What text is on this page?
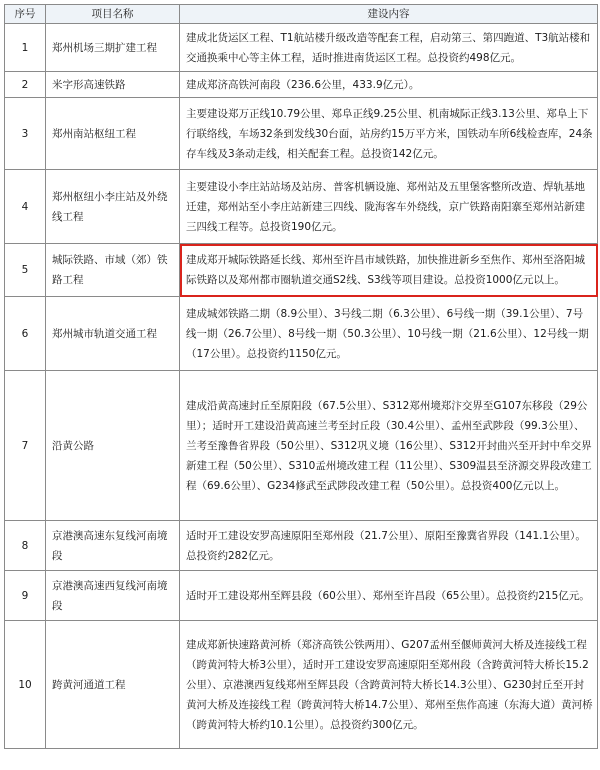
序号	项目名称	建设内容
1	郑州机场三期扩建工程	建成北货运区工程、T1航站楼升级改造等配套工程，启动第三、第四跑道、T3航站楼和交通换乘中心等主体工程，适时推进南货运区工程。总投资约498亿元。
2	米字形高速铁路	建成郑济高铁河南段（236.6公里，433.9亿元）。
3	郑州南站枢纽工程	主要建设郑万正线10.79公里、郑阜正线9.25公里、机南城际正线3.13公里、郑阜上下行联络线，车场32条到发线30台面，站房约15万平方米，国铁动车所6线检查库，24条存车线及3条动走线，相关配套工程。总投资142亿元。
4	郑州枢纽小李庄站及外绕线工程	主要建设小李庄站站场及站房、普客机辆设施、郑州站及五里堡客整所改造、焊轨基地迁建，郑州站至小李庄站新建三四线、陇海客车外绕线，京广铁路南阳寨至郑州站新建三四线工程等。总投资190亿元。
5	城际铁路、市域（郊）铁路工程	建成郑开城际铁路延长线、郑州至许昌市域铁路，加快推进新乡至焦作、郑州至洛阳城际铁路以及郑州都市圈轨道交通S2线、S3线等项目建设。总投资1000亿元以上。
6	郑州城市轨道交通工程	建成城郊铁路二期（8.9公里）、3号线二期（6.3公里）、6号线一期（39.1公里）、7号线一期（26.7公里）、8号线一期（50.3公里）、10号线一期（21.6公里）、12号线一期（17公里）。总投资约1150亿元。
7	沿黄公路	建成沿黄高速封丘至原阳段（67.5公里）、S312郑州境郑汴交界至G107东移段（29公里）；适时开工建设沿黄高速兰考至封丘段（30.4公里）、孟州至武陟段（99.3公里）、兰考至豫鲁省界段（50公里）、S312巩义境（16公里）、S312开封曲兴至开封中牟交界新建工程（50公里）、S310孟州境改建工程（11公里）、S309温县至济源交界段改建工程（69.6公里）、G234修武至武陟段改建工程（50公里）。总投资400亿元以上。
8	京港澳高速东复线河南境段	适时开工建设安罗高速原阳至郑州段（21.7公里）、原阳至豫冀省界段（141.1公里）。总投资约282亿元。
9	京港澳高速西复线河南境段	适时开工建设郑州至辉县段（60公里）、郑州至许昌段（65公里）。总投资约215亿元。
10	跨黄河通道工程	建成郑新快速路黄河桥（郑济高铁公铁两用）、G207孟州至偃师黄河大桥及连接线工程（跨黄河特大桥3公里），适时开工建设安罗高速原阳至郑州段（含跨黄河特大桥长15.2公里）、京港澳西复线郑州至辉县段（含跨黄河特大桥长14.3公里）、G230封丘至开封黄河大桥及连接线工程（跨黄河特大桥14.7公里）、郑州至焦作高速（东海大道）黄河桥（跨黄河特大桥约10.1公里）。总投资约300亿元。
